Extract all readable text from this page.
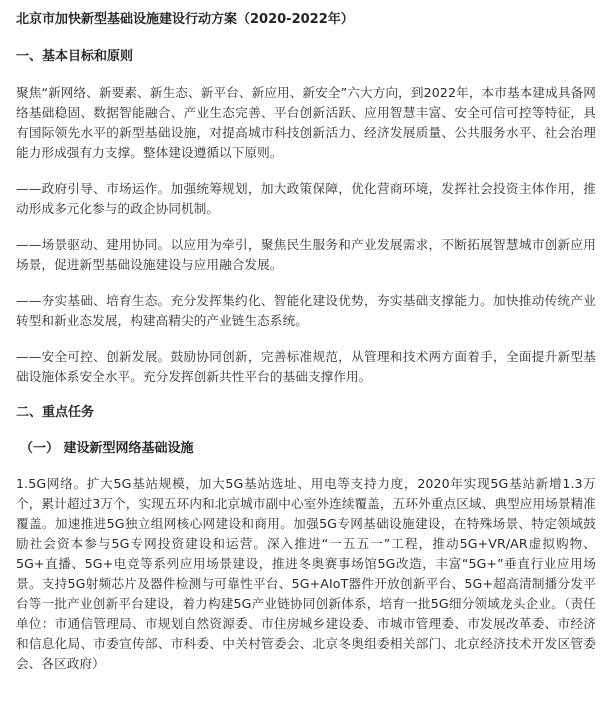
北京市加快新型基础设施建设行动方案（2020-2022年）
一、基本目标和原则
聚焦“新网络、新要素、新生态、新平台、新应用、新安全”六大方向，到2022年，本市基本建成具备网络基础稳固、数据智能融合、产业生态完善、平台创新活跃、应用智慧丰富、安全可信可控等特征，具有国际领先水平的新型基础设施，对提高城市科技创新活力、经济发展质量、公共服务水平、社会治理能力形成强有力支撑。整体建设遵循以下原则。
——政府引导、市场运作。加强统筹规划，加大政策保障，优化营商环境，发挥社会投资主体作用，推动形成多元化参与的政企协同机制。
——场景驱动、建用协同。以应用为牵引，聚焦民生服务和产业发展需求，不断拓展智慧城市创新应用场景，促进新型基础设施建设与应用融合发展。
——夯实基础、培育生态。充分发挥集约化、智能化建设优势，夯实基础支撑能力。加快推动传统产业转型和新业态发展，构建高精尖的产业链生态系统。
——安全可控、创新发展。鼓励协同创新，完善标准规范，从管理和技术两方面着手，全面提升新型基础设施体系安全水平。充分发挥创新共性平台的基础支撑作用。
二、重点任务
（一） 建设新型网络基础设施
1.5G网络。扩大5G基站规模，加大5G基站选址、用电等支持力度，2020年实现5G基站新增1.3万个，累计超过3万个，实现五环内和北京城市副中心室外连续覆盖，五环外重点区域、典型应用场景精准覆盖。加速推进5G独立组网核心网建设和商用。加强5G专网基础设施建设，在特殊场景、特定领域鼓励社会资本参与5G专网投资建设和运营。深入推进“一五五一”工程，推动5G+VR/AR虚拟购物、5G+直播、5G+电竞等系列应用场景建设，推进冬奥赛事场馆5G改造，丰富“5G+”垂直行业应用场景。支持5G射频芯片及器件检测与可靠性平台、5G+AIoT器件开放创新平台、5G+超高清制播分发平台等一批产业创新平台建设，着力构建5G产业链协同创新体系，培育一批5G细分领域龙头企业。（责任单位：市通信管理局、市规划自然资源委、市住房城乡建设委、市城市管理委、市发展改革委、市经济和信息化局、市委宣传部、市科委、中关村管委会、北京冬奥组委相关部门、北京经济技术开发区管委会、各区政府）
